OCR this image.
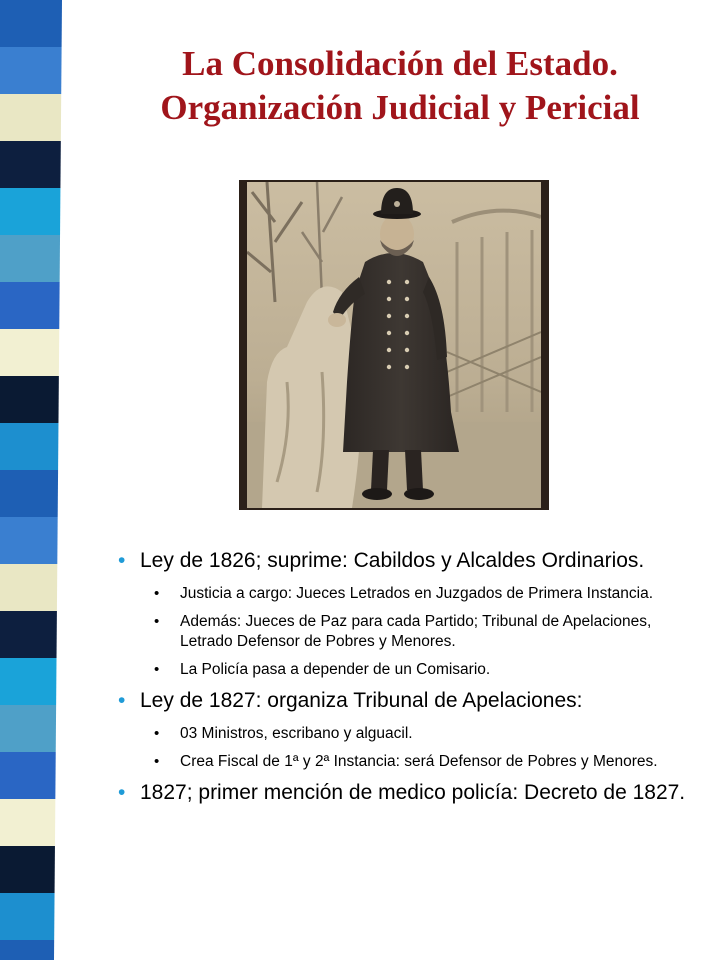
La Consolidación del Estado.
Organización Judicial y Pericial
• Ley de 1826; suprime: Cabildos y Alcaldes Ordinarios.
• Justicia a cargo: Jueces Letrados en Juzgados de Primera Instancia.
• Además: Jueces de Paz para cada Partido; Tribunal de Apelaciones, Letrado Defensor de Pobres y Menores.
• La Policía pasa a depender de un Comisario.
• Ley de 1827: organiza Tribunal de Apelaciones:
• 03 Ministros, escribano y alguacil.
• Crea Fiscal de 1ª y 2ª Instancia: será Defensor de Pobres y Menores.
• 1827; primer mención de medico policía: Decreto de 1827.
